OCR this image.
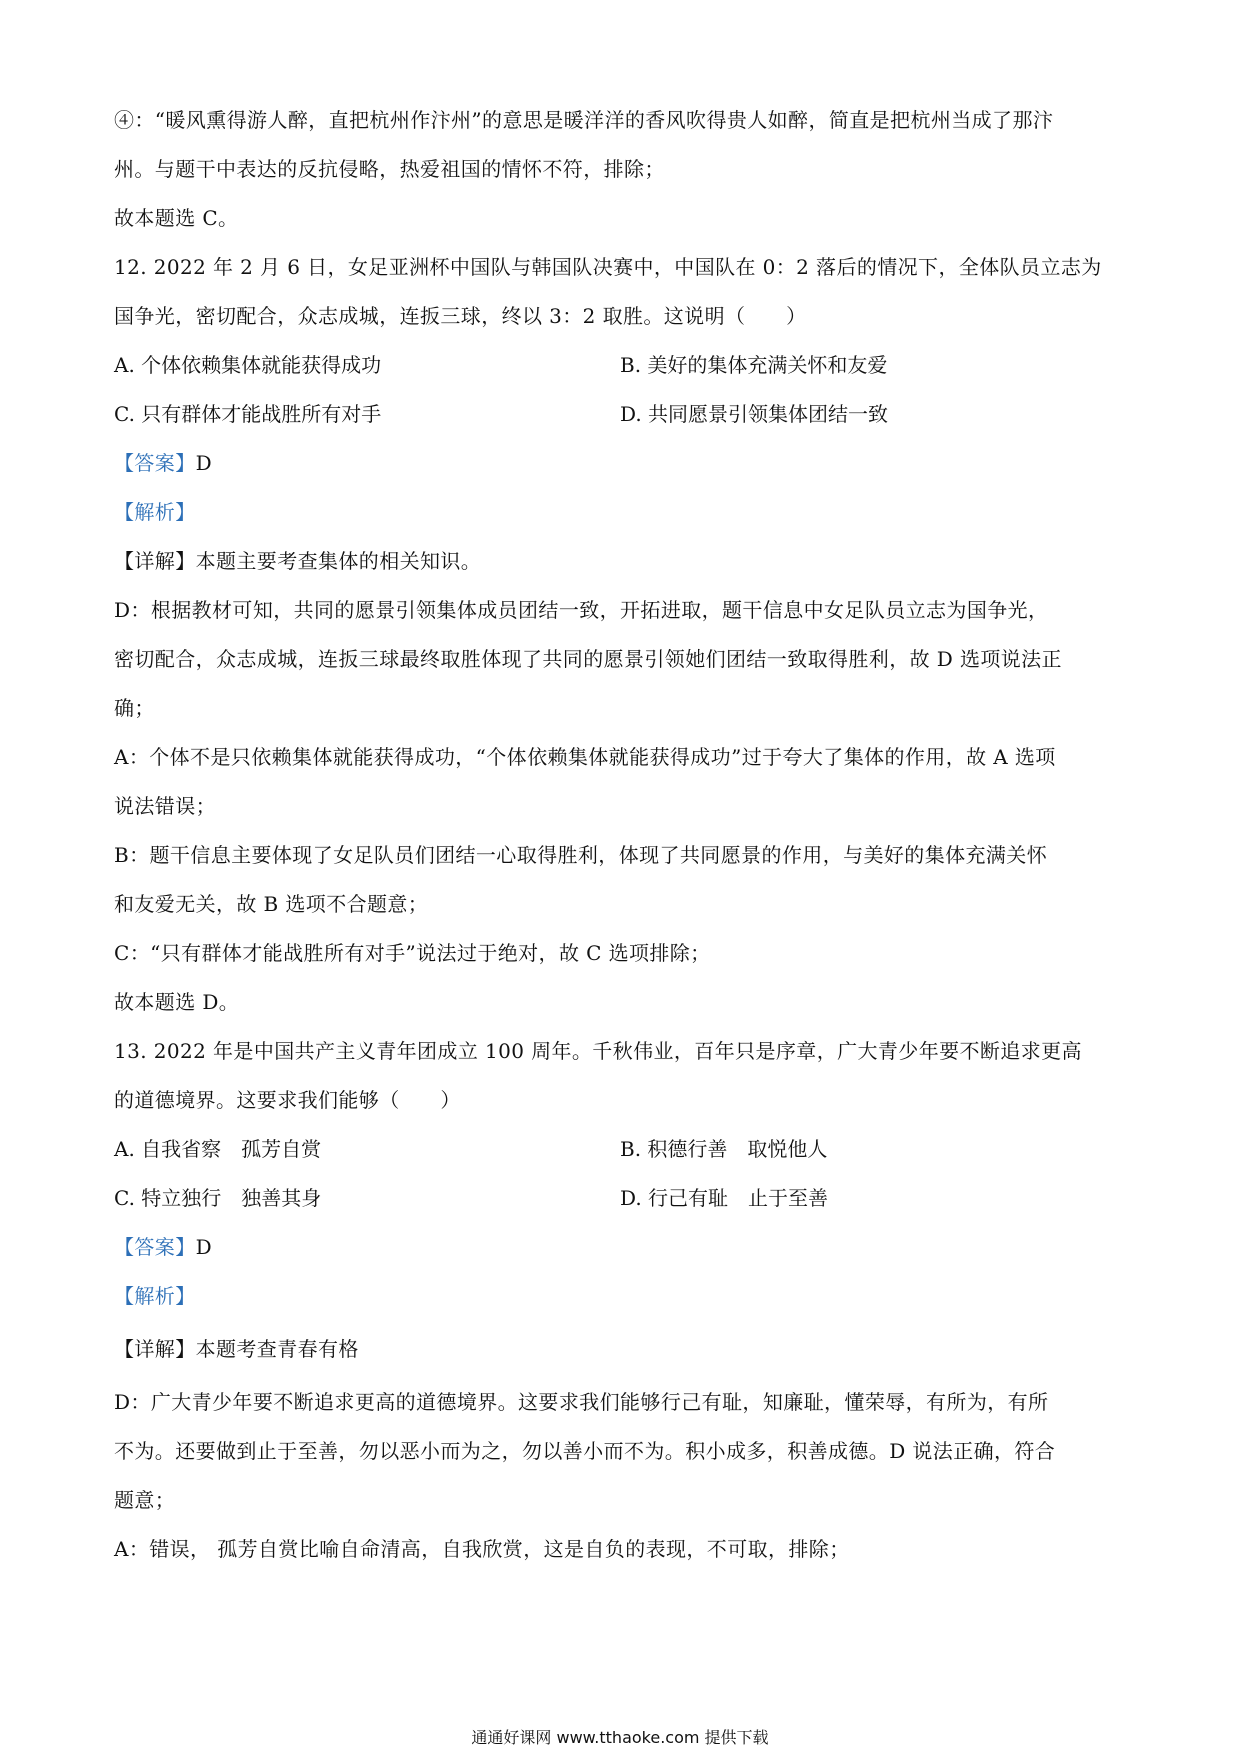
④：“暖风熏得游人醉，直把杭州作汴州”的意思是暖洋洋的香风吹得贵人如醉，简直是把杭州当成了那汴
州。与题干中表达的反抗侵略，热爱祖国的情怀不符，排除；
故本题选 C。
12. 2022 年 2 月 6 日，女足亚洲杯中国队与韩国队决赛中，中国队在 0：2 落后的情况下，全体队员立志为
国争光，密切配合，众志成城，连扳三球，终以 3：2 取胜。这说明（　　）
A. 个体依赖集体就能获得成功	B. 美好的集体充满关怀和友爱
C. 只有群体才能战胜所有对手	D. 共同愿景引领集体团结一致
【答案】D
【解析】
【详解】本题主要考查集体的相关知识。
D：根据教材可知，共同的愿景引领集体成员团结一致，开拓进取，题干信息中女足队员立志为国争光，
密切配合，众志成城，连扳三球最终取胜体现了共同的愿景引领她们团结一致取得胜利，故 D 选项说法正
确；
A：个体不是只依赖集体就能获得成功，“个体依赖集体就能获得成功”过于夸大了集体的作用，故 A 选项
说法错误；
B：题干信息主要体现了女足队员们团结一心取得胜利，体现了共同愿景的作用，与美好的集体充满关怀
和友爱无关，故 B 选项不合题意；
C：“只有群体才能战胜所有对手”说法过于绝对，故 C 选项排除；
故本题选 D。
13. 2022 年是中国共产主义青年团成立 100 周年。千秋伟业，百年只是序章，广大青少年要不断追求更高
的道德境界。这要求我们能够（　　）
A. 自我省察　孤芳自赏	B. 积德行善　取悦他人
C. 特立独行　独善其身	D. 行己有耻　止于至善
【答案】D
【解析】
【详解】本题考查青春有格
D：广大青少年要不断追求更高的道德境界。这要求我们能够行己有耻，知廉耻，懂荣辱，有所为，有所
不为。还要做到止于至善，勿以恶小而为之，勿以善小而不为。积小成多，积善成德。D 说法正确，符合
题意；
A：错误， 孤芳自赏比喻自命清高，自我欣赏，这是自负的表现，不可取，排除；
通通好课网 www.tthaoke.com 提供下载
